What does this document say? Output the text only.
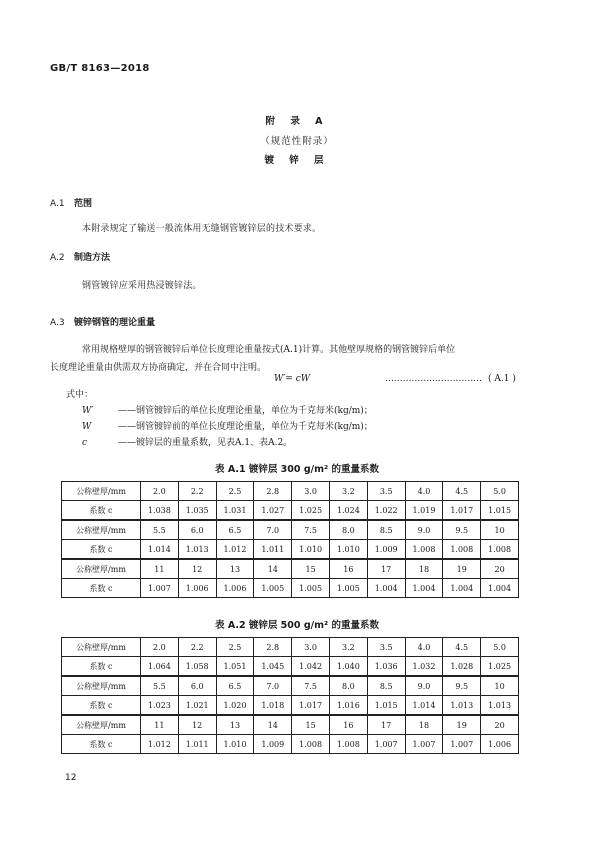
GB/T 8163—2018
附 录 A
（规范性附录）
镀 锌 层
A.1 范围
本附录规定了输送一般流体用无缝钢管镀锌层的技术要求。
A.2 制造方法
钢管镀锌应采用热浸镀锌法。
A.3 镀锌钢管的理论重量
常用规格壁厚的钢管镀锌后单位长度理论重量按式(A.1)计算。其他壁厚规格的钢管镀锌后单位
长度理论重量由供需双方协商确定，并在合同中注明。
W′= cW	…………………………… ( A.1 )
式中：
W′	——钢管镀锌后的单位长度理论重量，单位为千克每米(kg/m)；
W	——钢管镀锌前的单位长度理论重量，单位为千克每米(kg/m)；
c	——镀锌层的重量系数，见表A.1、表A.2。
表 A.1 镀锌层 300 g/m² 的重量系数
公称壁厚/mm	2.0	2.2	2.5	2.8	3.0	3.2	3.5	4.0	4.5	5.0
系数 c	1.038	1.035	1.031	1.027	1.025	1.024	1.022	1.019	1.017	1.015
公称壁厚/mm	5.5	6.0	6.5	7.0	7.5	8.0	8.5	9.0	9.5	10
系数 c	1.014	1.013	1.012	1.011	1.010	1.010	1.009	1.008	1.008	1.008
公称壁厚/mm	11	12	13	14	15	16	17	18	19	20
系数 c	1.007	1.006	1.006	1.005	1.005	1.005	1.004	1.004	1.004	1.004
表 A.2 镀锌层 500 g/m² 的重量系数
公称壁厚/mm	2.0	2.2	2.5	2.8	3.0	3.2	3.5	4.0	4.5	5.0
系数 c	1.064	1.058	1.051	1.045	1.042	1.040	1.036	1.032	1.028	1.025
公称壁厚/mm	5.5	6.0	6.5	7.0	7.5	8.0	8.5	9.0	9.5	10
系数 c	1.023	1.021	1.020	1.018	1.017	1.016	1.015	1.014	1.013	1.013
公称壁厚/mm	11	12	13	14	15	16	17	18	19	20
系数 c	1.012	1.011	1.010	1.009	1.008	1.008	1.007	1.007	1.007	1.006
12
